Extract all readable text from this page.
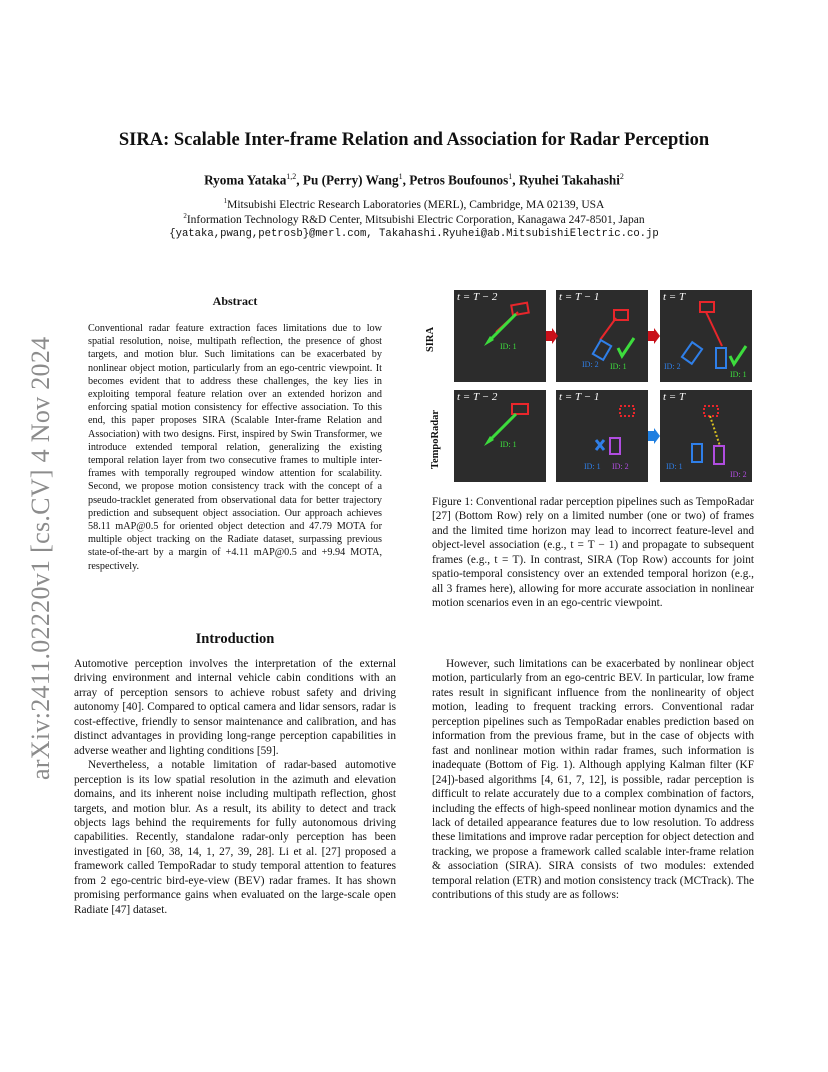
arXiv:2411.02220v1 [cs.CV] 4 Nov 2024
SIRA: Scalable Inter-frame Relation and Association for Radar Perception
Ryoma Yataka$^{1,2}$, Pu (Perry) Wang$^1$, Petros Boufounos$^1$, Ryuhei Takahashi$^2$
$^1$Mitsubishi Electric Research Laboratories (MERL), Cambridge, MA 02139, USA
$^2$Information Technology R&D Center, Mitsubishi Electric Corporation, Kanagawa 247-8501, Japan
{yataka,pwang,petrosb}@merl.com, Takahashi.Ryuhei@ab.MitsubishiElectric.co.jp
Abstract
Conventional radar feature extraction faces limitations due to low spatial resolution, noise, multipath reflection, the presence of ghost targets, and motion blur. Such limitations can be exacerbated by nonlinear object motion, particularly from an ego-centric viewpoint. It becomes evident that to address these challenges, the key lies in exploiting temporal feature relation over an extended horizon and enforcing spatial motion consistency for effective association. To this end, this paper proposes SIRA (Scalable Inter-frame Relation and Association) with two designs. First, inspired by Swin Transformer, we introduce extended temporal relation, generalizing the existing temporal relation layer from two consecutive frames to multiple inter-frames with temporally regrouped window attention for scalability. Second, we propose motion consistency track with the concept of a pseudo-tracklet generated from observational data for better trajectory prediction and subsequent object association. Our approach achieves 58.11 mAP@0.5 for oriented object detection and 47.79 MOTA for multiple object tracking on the Radiate dataset, surpassing previous state-of-the-art by a margin of +4.11 mAP@0.5 and +9.94 MOTA, respectively.
Introduction

Automotive perception involves the interpretation of the external driving environment and internal vehicle cabin conditions with an array of perception sensors to achieve robust safety and driving autonomy [40]. Compared to optical camera and lidar sensors, radar is cost-effective, friendly to sensor maintenance and calibration, and has distinct advantages in providing long-range perception capabilities in adverse weather and lighting conditions [59].

Nevertheless, a notable limitation of radar-based automotive perception is its low spatial resolution in the azimuth and elevation domains, and its inherent noise including multipath reflection, ghost targets, and motion blur. As a result, its ability to detect and track objects lags behind the requirements for fully autonomous driving capabilities. Recently, standalone radar-only perception has been investigated in [60, 38, 14, 1, 27, 39, 28]. Li et al. [27] proposed a framework called TempoRadar to study temporal attention to features from 2 ego-centric bird-eye-view (BEV) radar frames. It has shown promising performance gains when evaluated on the large-scale open Radiate [47] dataset.

SIRA
TempoRadar
t = T − 2
ID: 1
t = T − 1
ID: 2 ID: 1
t = T
ID: 2
ID: 1
t = T − 2
ID: 1
t = T − 1
ID: 1 ID: 2
t = T
ID: 1
ID: 2
Figure 1: Conventional radar perception pipelines such as TempoRadar [27] (Bottom Row) rely on a limited number (one or two) of frames and the limited time horizon may lead to incorrect feature-level and object-level association (e.g., t = T − 1) and propagate to subsequent frames (e.g., t = T). In contrast, SIRA (Top Row) accounts for joint spatio-temporal consistency over an extended temporal horizon (e.g., all 3 frames here), allowing for more accurate association in nonlinear motion scenarios even in an ego-centric viewpoint.

However, such limitations can be exacerbated by nonlinear object motion, particularly from an ego-centric BEV. In particular, low frame rates result in significant influence from the nonlinearity of object motion, leading to frequent tracking errors. Conventional radar perception pipelines such as TempoRadar enables prediction based on information from the previous frame, but in the case of objects with fast and nonlinear motion within radar frames, such information is inadequate (Bottom of Fig. 1). Although applying Kalman filter (KF [24])-based algorithms [4, 61, 7, 12], is possible, radar perception is difficult to relate accurately due to a complex combination of factors, including the effects of high-speed nonlinear motion dynamics and the lack of detailed appearance features due to low resolution. To address these limitations and improve radar perception for object detection and tracking, we propose a framework called scalable inter-frame relation & association (SIRA). SIRA consists of two modules: extended temporal relation (ETR) and motion consistency track (MCTrack). The contributions of this study are as follows:
